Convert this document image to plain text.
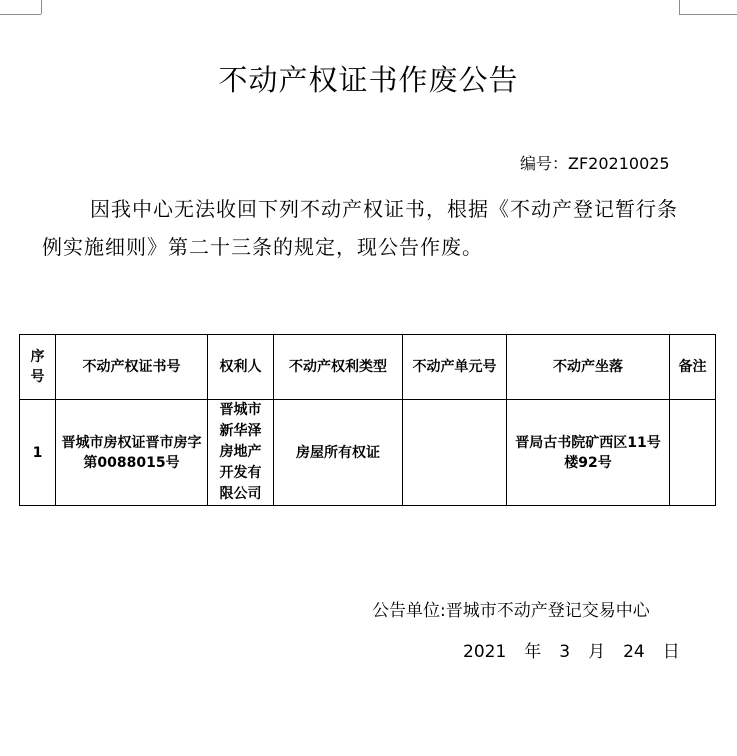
不动产权证书作废公告
编号：ZF20210025
因我中心无法收回下列不动产权证书，根据《不动产登记暂行条例实施细则》第二十三条的规定，现公告作废。
序号	不动产权证书号	权利人	不动产权利类型	不动产单元号	不动产坐落	备注
1	晋城市房权证晋市房字第0088015号	晋城市新华泽房地产开发有限公司	房屋所有权证		晋局古书院矿西区11号楼92号	
公告单位:晋城市不动产登记交易中心
2021 年 3 月 24 日
